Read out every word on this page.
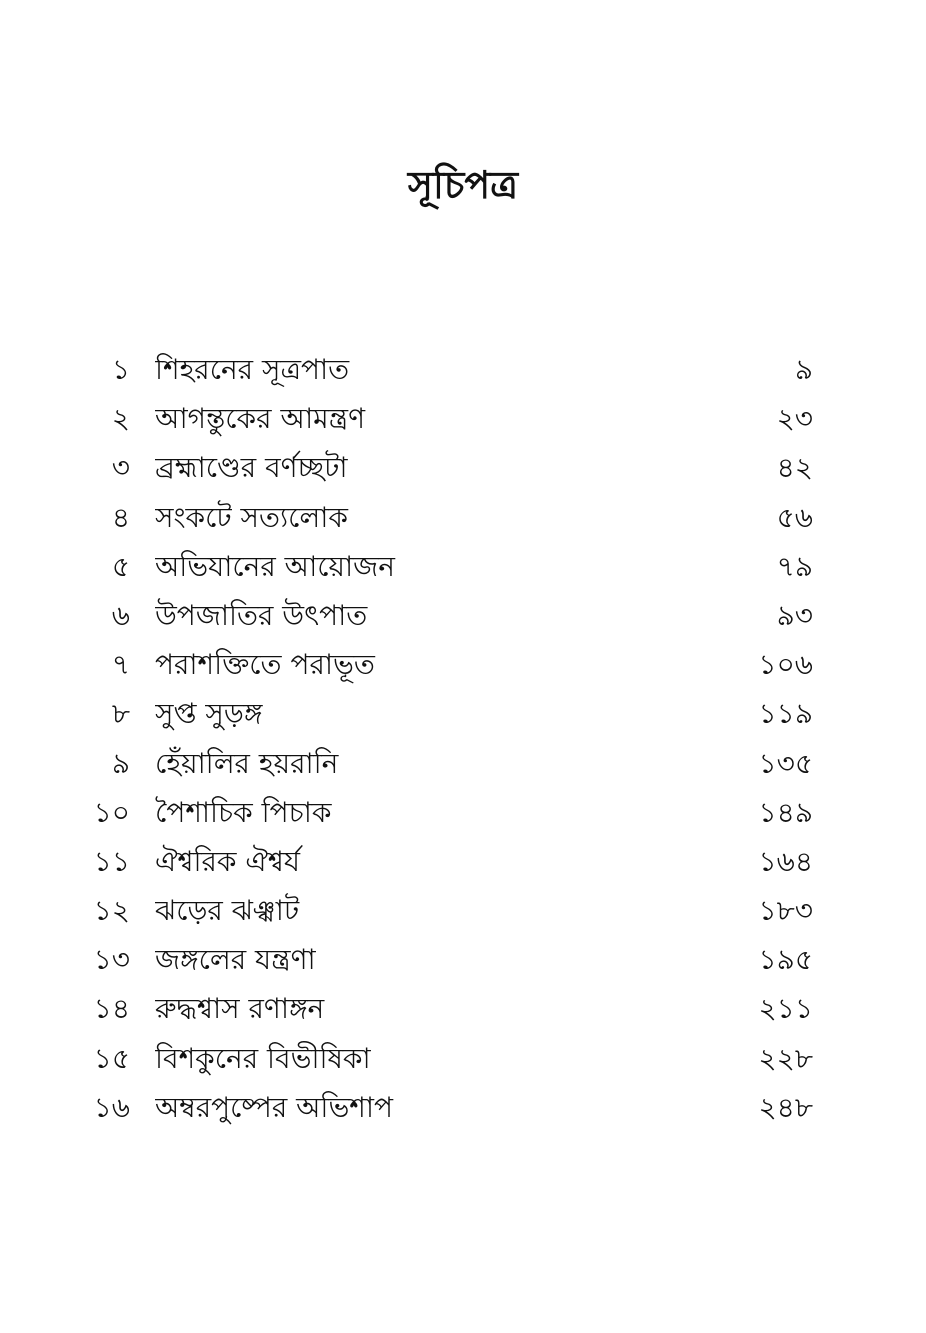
সূচিপত্র
১ শিহরনের সূত্রপাত	৯
২ আগন্তুকের আমন্ত্রণ	২৩
৩ ব্রহ্মাণ্ডের বর্ণচ্ছটা	৪২
৪ সংকটে সত্যলোক	৫৬
৫ অভিযানের আয়োজন	৭৯
৬ উপজাতির উৎপাত	৯৩
৭ পরাশক্তিতে পরাভূত	১০৬
৮ সুপ্ত সুড়ঙ্গ	১১৯
৯ হেঁয়ালির হয়রানি	১৩৫
১০ পৈশাচিক পিচাক	১৪৯
১১ ঐশ্বরিক ঐশ্বর্য	১৬৪
১২ ঝড়ের ঝঞ্ঝাট	১৮৩
১৩ জঙ্গলের যন্ত্রণা	১৯৫
১৪ রুদ্ধশ্বাস রণাঙ্গন	২১১
১৫ বিশকুনের বিভীষিকা	২২৮
১৬ অম্বরপুষ্পের অভিশাপ	২৪৮
